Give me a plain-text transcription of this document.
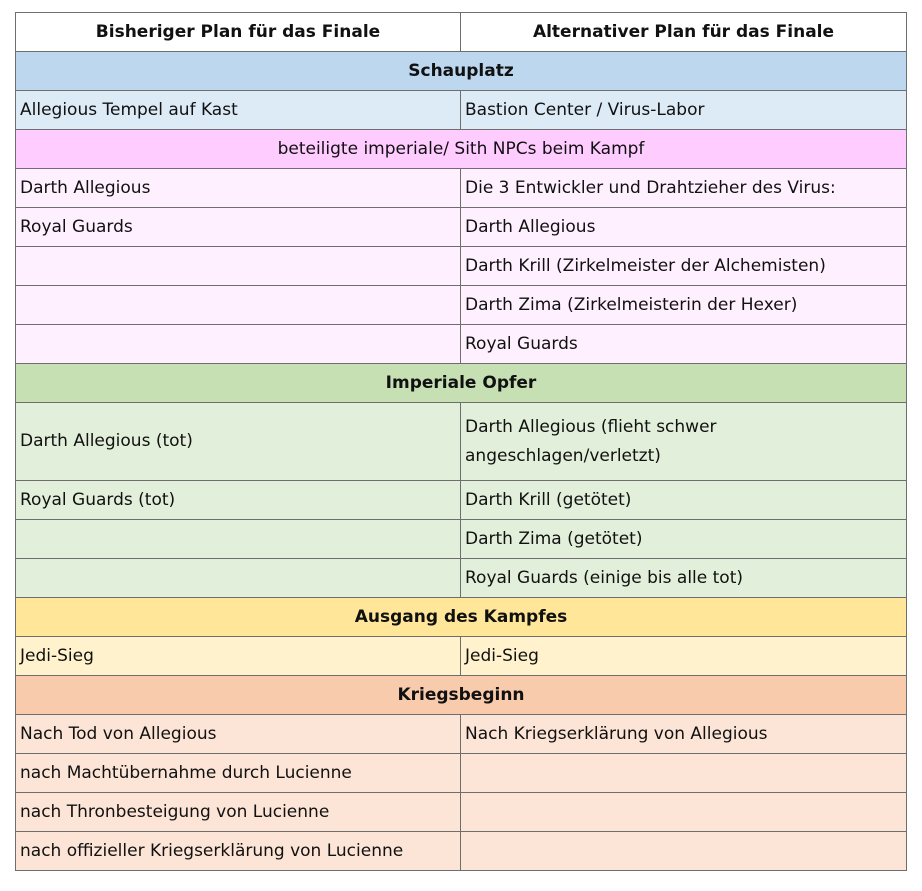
Bisheriger Plan für das Finale	Alternativer Plan für das Finale
Schauplatz	
Allegious Tempel auf Kast	Bastion Center / Virus-Labor
beteiligte imperiale/ Sith NPCs beim Kampf	
Darth Allegious	Die 3 Entwickler und Drahtzieher des Virus:
Royal Guards	Darth Allegious
	Darth Krill (Zirkelmeister der Alchemisten)
	Darth Zima (Zirkelmeisterin der Hexer)
	Royal Guards
Imperiale Opfer	
Darth Allegious (tot)	Darth Allegious (flieht schwer angeschlagen/verletzt)
Royal Guards (tot)	Darth Krill (getötet)
	Darth Zima (getötet)
	Royal Guards (einige bis alle tot)
Ausgang des Kampfes	
Jedi-Sieg	Jedi-Sieg
Kriegsbeginn	
Nach Tod von Allegious	Nach Kriegserklärung von Allegious
nach Machtübernahme durch Lucienne	
nach Thronbesteigung von Lucienne	
nach offizieller Kriegserklärung von Lucienne	
